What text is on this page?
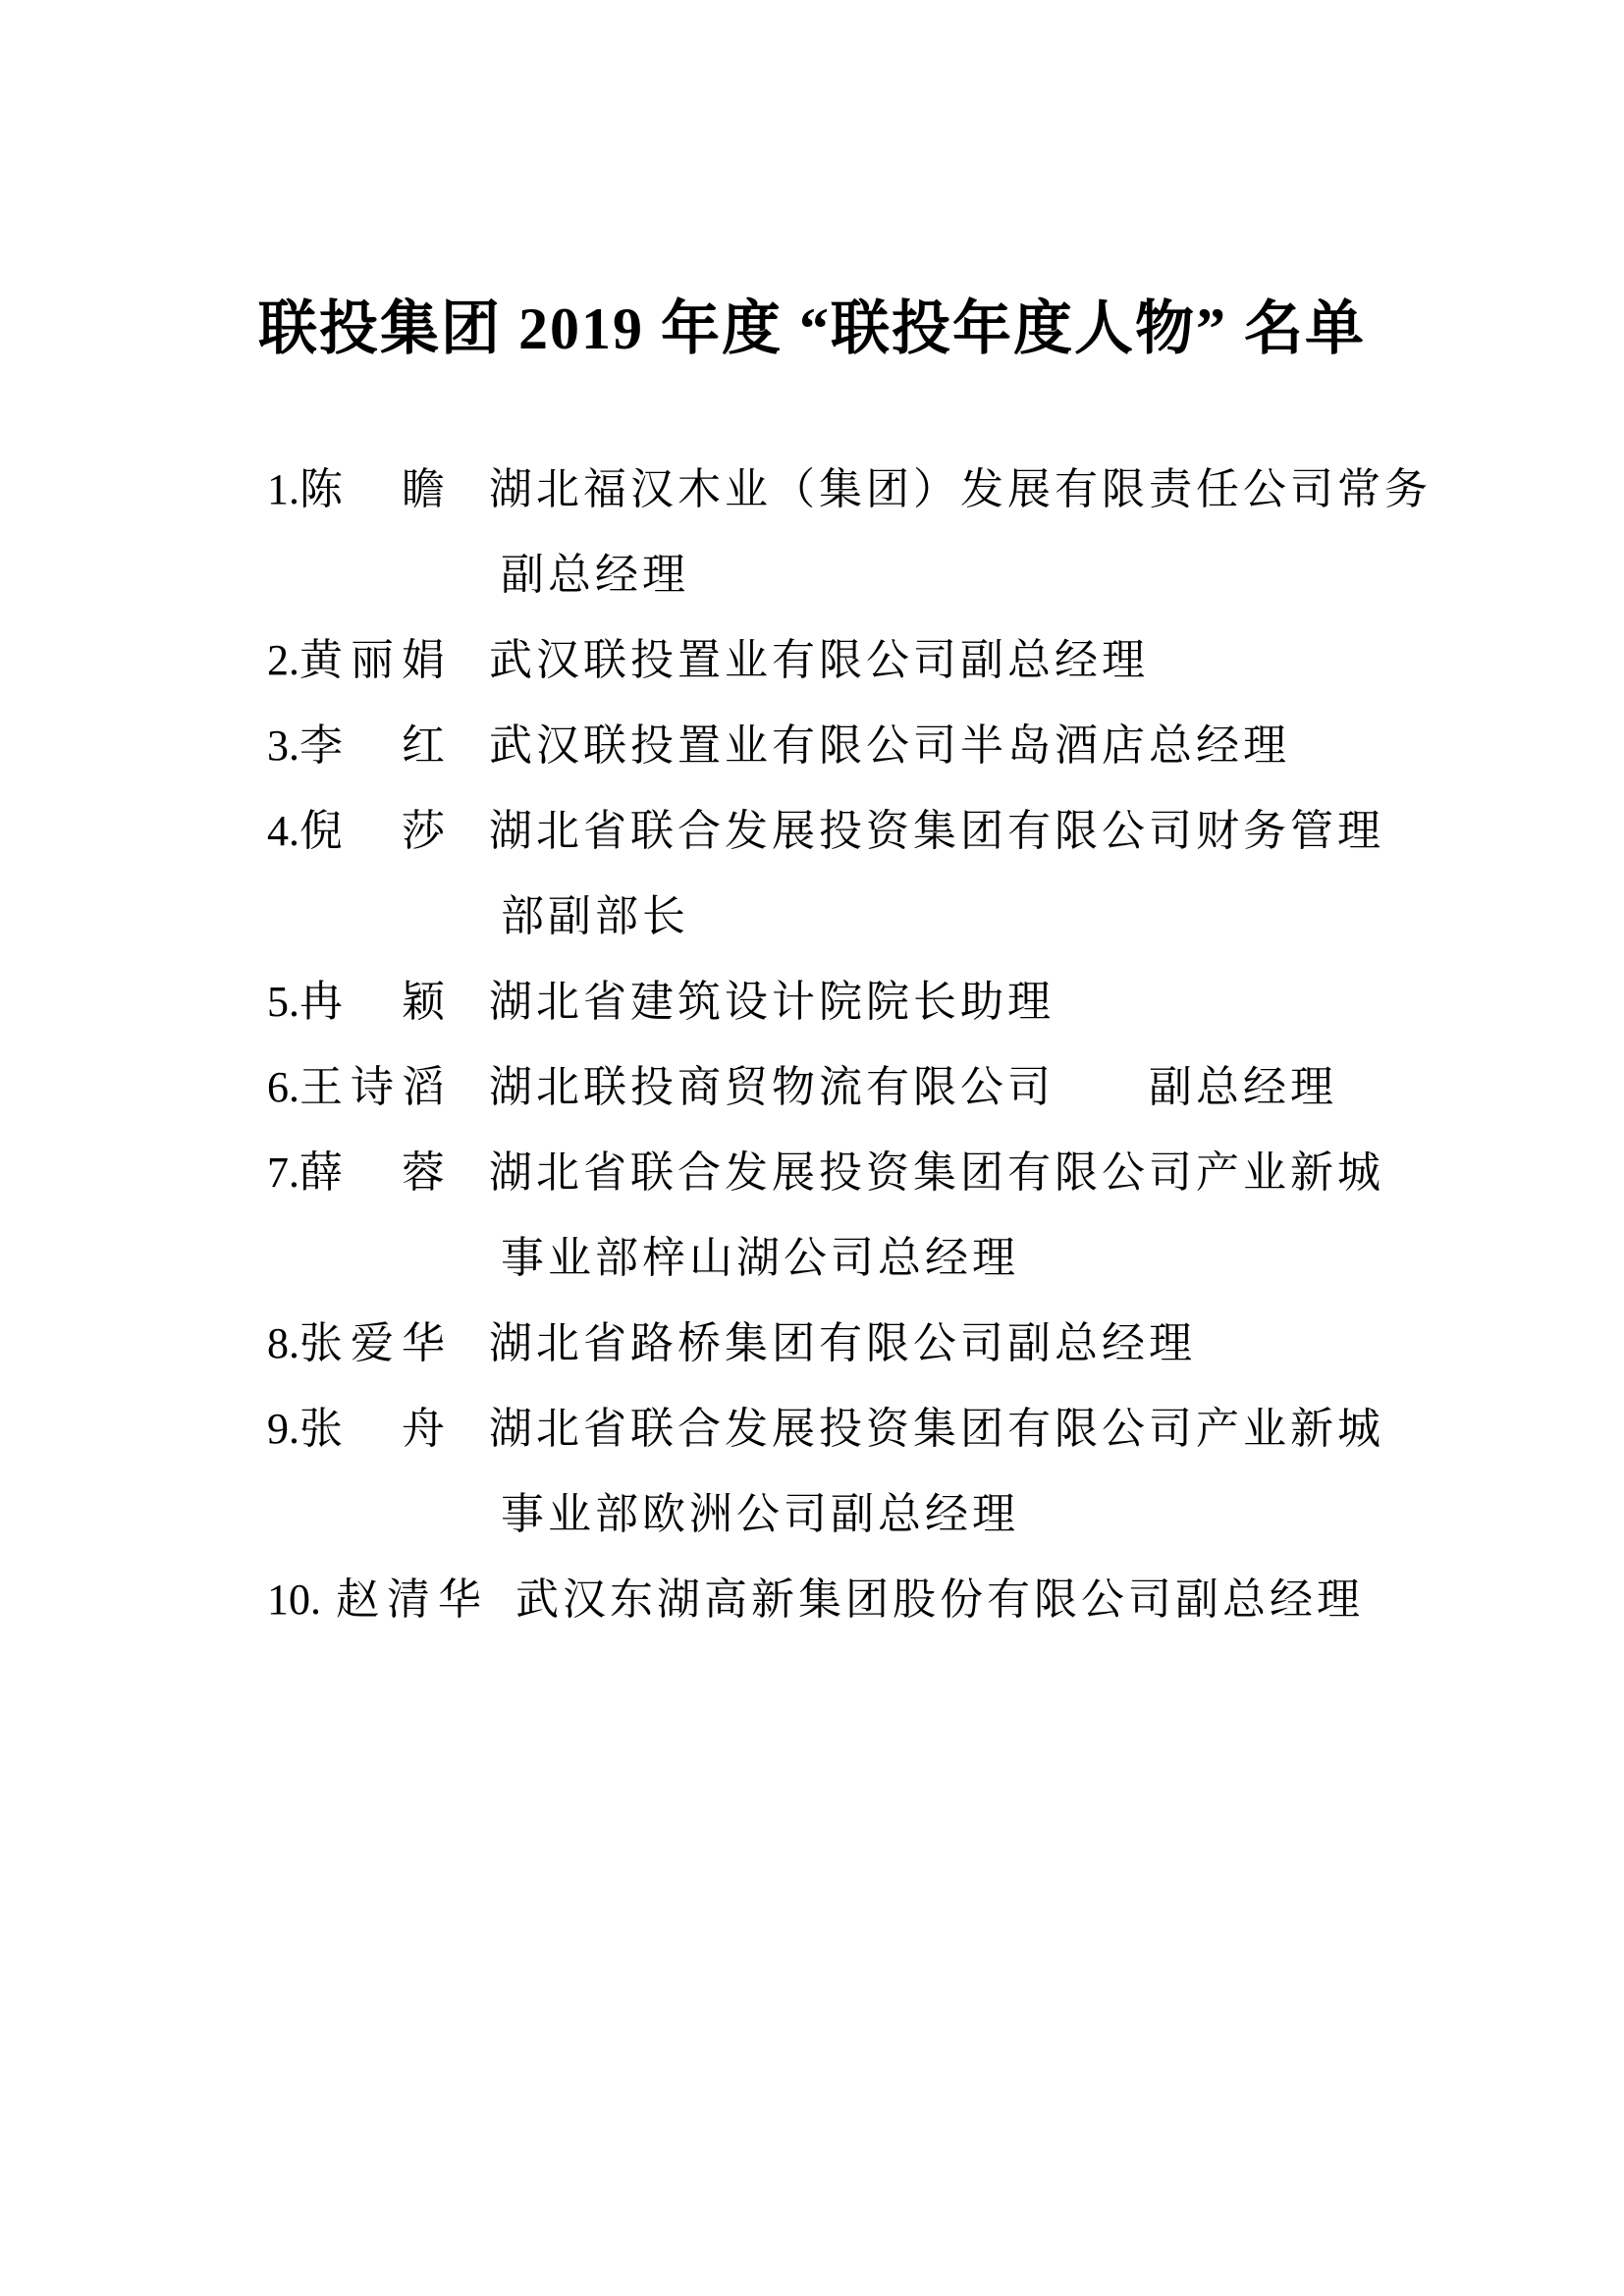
联投集团 2019 年度 “联投年度人物” 名单
1. 陈　瞻 湖北福汉木业（集团）发展有限责任公司常务
副总经理
2. 黄丽娟 武汉联投置业有限公司副总经理
3. 李　红 武汉联投置业有限公司半岛酒店总经理
4. 倪　莎 湖北省联合发展投资集团有限公司财务管理
部副部长
5. 冉　颖 湖北省建筑设计院院长助理
6. 王诗滔 湖北联投商贸物流有限公司　　副总经理
7. 薛　蓉 湖北省联合发展投资集团有限公司产业新城
事业部梓山湖公司总经理
8. 张爱华 湖北省路桥集团有限公司副总经理
9. 张　舟 湖北省联合发展投资集团有限公司产业新城
事业部欧洲公司副总经理
10. 赵清华 武汉东湖高新集团股份有限公司副总经理
